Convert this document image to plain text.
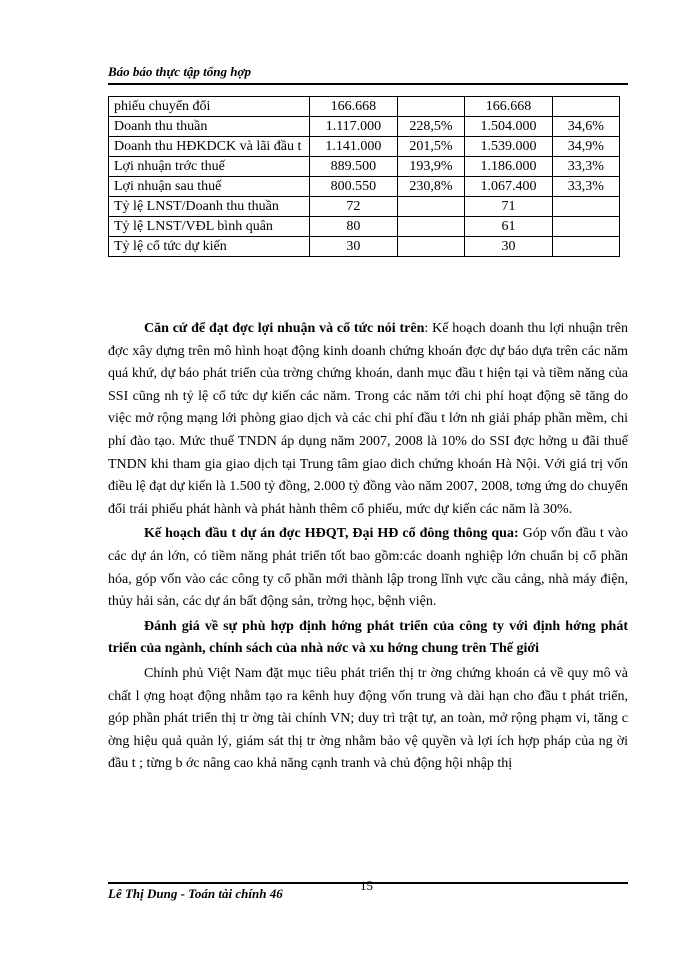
Báo báo thực tập tổng hợp
phiếu chuyển đổi	166.668		166.668	
Doanh thu thuần	1.117.000	228,5%	1.504.000	34,6%
Doanh thu HĐKDCK và lãi đầu t	1.141.000	201,5%	1.539.000	34,9%
Lợi nhuận trớc thuế	889.500	193,9%	1.186.000	33,3%
Lợi nhuận sau thuế	800.550	230,8%	1.067.400	33,3%
Tỷ lệ LNST/Doanh thu thuần	72		71	
Tỷ lệ LNST/VĐL bình quân	80		61	
Tỷ lệ cổ tức dự kiến	30		30	

Căn cứ để đạt đợc lợi nhuận và cổ tức nói trên: Kế hoạch doanh thu lợi nhuận trên đợc xây dựng trên mô hình hoạt động kinh doanh chứng khoán đợc dự báo dựa trên các năm quá khứ, dự báo phát triển của trờng chứng khoán, danh mục đầu t hiện tại và tiềm năng của SSI cũng nh tỷ lệ cổ tức dự kiến các năm. Trong các năm tới chi phí hoạt động sẽ tăng do việc mở rộng mạng lới phòng giao dịch và các chi phí đầu t lớn nh giải pháp phần mềm, chi phí đào tạo. Mức thuế TNDN áp dụng năm 2007, 2008 là 10% do SSI đợc hởng u đãi thuế TNDN khi tham gia giao dịch tại Trung tâm giao dich chứng khoán Hà Nội. Với giá trị vốn điều lệ đạt dự kiến là 1.500 tỷ đồng, 2.000 tỷ đồng vào năm 2007, 2008, tơng ứng do chuyển đổi trái phiếu phát hành và phát hành thêm cổ phiếu, mức dự kiến các năm là 30%.

Kế hoạch đầu t dự án đợc HĐQT, Đại HĐ cổ đông thông qua: Góp vốn đầu t vào các dự án lớn, có tiềm năng phát triển tốt bao gồm:các doanh nghiệp lớn chuẩn bị cổ phần hóa, góp vốn vào các công ty cổ phần mới thành lập trong lĩnh vực cầu cảng, nhà máy điện, thủy hải sản, các dự án bất động sản, trờng học, bệnh viện.

Đánh giá về sự phù hợp định hớng phát triển của công ty với định hớng phát triển của ngành, chính sách của nhà nớc và xu hớng chung trên Thế giới

Chính phủ Việt Nam đặt mục tiêu phát triển thị tr ờng chứng khoán cả về quy mô và chất l ợng hoạt động nhằm tạo ra kênh huy động vốn trung và dài hạn cho đầu t phát triển, góp phần phát triển thị tr ờng tài chính VN; duy trì trật tự, an toàn, mở rộng phạm vi, tăng c ờng hiệu quả quản lý, giám sát thị tr ờng nhằm bảo vệ quyền và lợi ích hợp pháp của ng ời đầu t ; từng b ớc nâng cao khả năng cạnh tranh và chủ động hội nhập thị

Lê Thị Dung - Toán tài chính 46
15
